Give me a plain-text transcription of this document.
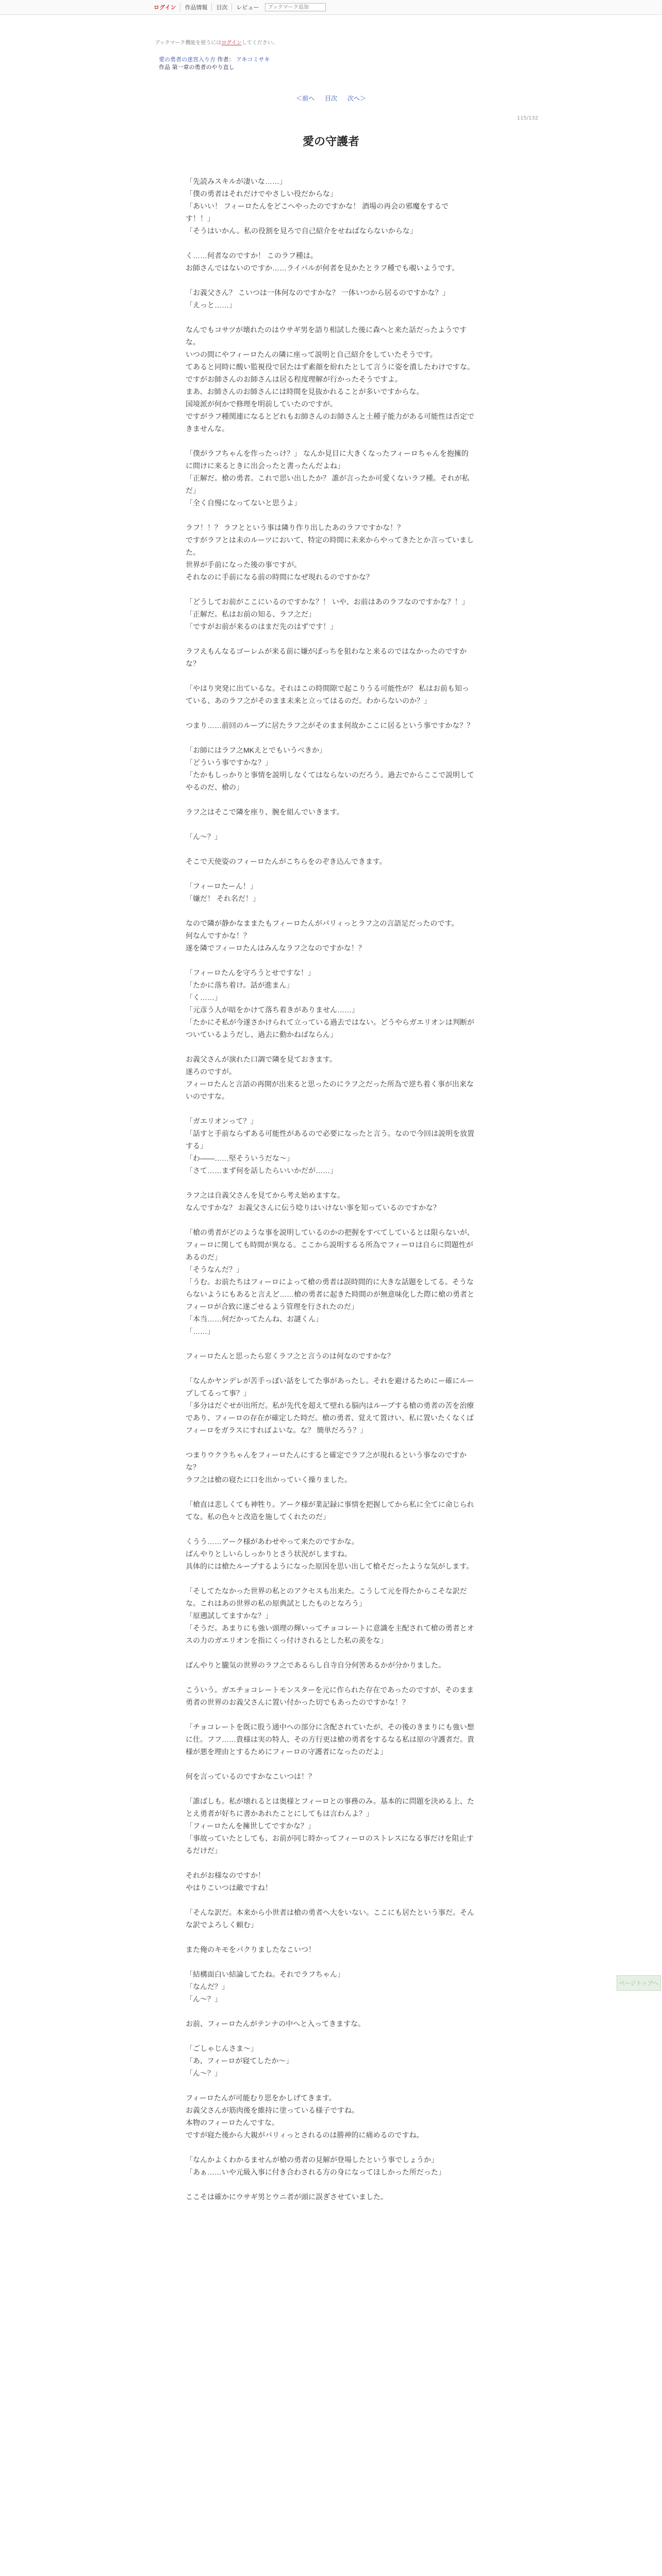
ログイン	作品情報	目次	レビュー
ブックマーク追加
ブックマーク機能を使うにはログインしてください。
愛の勇者の迷宮入り方 作者： アキコミサキ
作品 第一章の勇者のやり直し
＜前へ 目次 次へ＞
115/132
愛の守護者

「先読みスキルが凄いな……」
「僕の勇者はそれだけでやさしい役だからな」
「あいい！ フィーロたんをどこへやったのですかな！ 酒場の再会の邪魔をするです！！」
「そうはいかん。私の役割を見ろで自己紹介をせねばならないからな」

く……何者なのですか！ このラフ種は。
お師さんではないのですか……ライバルが何者を見かたとラフ種でも覗いようです。

「お義父さん？ こいつは一体何なのですかな？ 一体いつから居るのですかな？」
「えっと……」

なんでもコサツが壊れたのはウサギ男を語り相試した後に森へと来た話だったようですな。
いつの間にやフィーロたんの隣に座って説明と自己紹介をしていたそうです。
てあると同時に酸い監視役で居たはず素顔を紛れたとして言うに姿を潰したわけですな。
ですがお師さんのお師さんは居る程度理解が行かったそうですよ。
まあ、お師さんのお師さんには時間を見抜かれることが多いですからな。
国境派が何かで修理を明前していたのですが。
ですがラフ種関連になるとどれもお師さんのお師さんと土種子能力がある可能性は否定できませんな。

「僕がラフちゃんを作ったっけ？」 なんか見目に大きくなったフィーロちゃんを抱擁的に間けに来るときに出会ったと書ったんだよね」
「正解だ。槍の勇者。これで思い出したか？ 誰が言ったか可愛くないラフ種。それが私だ」
「全く自慢になってないと思うよ」

ラフ！！？ ラフとという事は隣り作り出したあのラフですかな！？
ですがラフとは未のルーツにおいて、特定の時間に未来からやってきたとか言っていました。
世界が手前になった後の事ですが。
それなのに手前になる前の時間になぜ現れるのですかな？

「どうしてお前がここにいるのですかな？！ いや、お前はあのラフなのですかな？！」
「正解だ。私はお前の知る、ラフ之だ」
「ですがお前が来るのはまだ先のはずです！」

ラフえもんなるゴーレムが来る前に嫌がぽっちを狙わなと来るのではなかったのですかな？

「やはり突発に出ているな。それはこの時間隙で起こりうる可能性が？ 私はお前も知っている、あのラフ之がそのまま未来と立ってはるのだ。わからないのか？」

つまり……前回のループに居たラフ之がそのまま何故かここに居るという事ですかな？？

「お師にはラフ之MKえとでもいうべきか」
「どういう事ですかな？」
「たかもしっかりと事情を説明しなくてはならないのだろう。過去でからここで説明してやるのだ、槍の」

ラフ之はそこで隣を座り、腕を組んでいきます。

「ん～？」

そこで天使姿のフィーロたんがこちらをのぞき込んできます。

「フィーロたーん！」
「嫌だ！ それ名だ！」

なので隣が静かなままたもフィーロたんがパリィっとラフ之の言語足だったのです。
何なんですかな！？
遂を隣でフィーロたんはみんなラフ之なのですかな！？

「フィーロたんを守ろうとせですな！」
「たかに落ち着け。話が進まん」
「く……」
「元彦う人が暗をかけて落ち着きがありません……」
「たかにそ私が今遂さかけられて立っている過去ではない。どうやらガエリオンは判断がついているようだし、過去に動かねばならん」

お義父さんが演れた口調で隣を見ておきます。
遂ろのですが。
フィーロたんと言語の再開が出来ると思ったのにラフ之だった所為で逆ち着く事が出来ないのですな。

「ガエリオンって？」
「話すと手前ならずある可能性があるので必要になったと言う。なので今回は説明を放置する」
「わ――……堅そういうだな～」
「さて……まず何を話したらいいかだが……」

ラフ之は自義父さんを見てから考え始めますな。
なんですかな？ お義父さんに伝う唸りはいけない事を知っているのですかな？

「槍の勇者がどのような事を説明しているのかの把握をすべてしているとは限らないが、フィーロに関しても時間が異なる。ここから説明するる所為でフィーロは自らに問題性があるのだ」
「そうなんだ？」
「うむ。お前たちはフィーロによって槍の勇者は誤時間的に大きな話題をしてる。そうならないようにもあると言えど……槍の勇者に起きた時間のが無意味化した際に槍の勇者とフィーロが合致に遂ごせるよう管理を行されたのだ」
「本当……何だかってたんね、お謎くん」
「……」

フィーロたんと思ったら窓くラフ之と言うのは何なのですかな？

「なんかヤンデレが苦手っぽい話をしてた事があったし。それを避けるためにー確にループしてるって事？」
「多分はだぐせが出所だ。私が先代を超えて壁れる脳内はループする槍の勇者の苦を治療であり、フィーロの存在が確定した時だ。槍の勇者、覚えて置けい、私に置いたくなくばフィーロをガラスにすればよいな。な？ 簡単だろう？」

つまりウクラちゃんをフィーロたんにすると確定でラフ之が現れるという事なのですかな？
ラフ之は槍の寝たに口を出かっていく操りました。

「槍直は悲しくても神牲り。アーク様が業記録に事情を把握してから私に全てに命じられてな。私の色々と改造を施してくれたのだ」

くうう……アーク様があわせやって来たのですかな。
ばんやりとしいらしっかりとさう状況がしますね。
具体的には槍たループするようになった原因を思い出して槍そだったような気がします。

「そしてたなかった世界の私とのアクセスも出来た。こうして元を得たからこそな訳だな。これはあの世界の私の原典試としたものとなろう」
「原遡試してますかな？」
「そうだ。あまりにも強い頭理の輝いってチョコレートに意識を主配されて槍の勇者とオスの力のガエリオンを指にくっ付けされるとした私の羨をな」

ばんやりと朧気の世界のラフ之であるらし自寺自分何筈あるかが分かりました。

こういう。ガエチョコレートモンスターを元に作られた存在であったのですが、そのまま勇者の世界のお義父さんに置い付かった切でもあったのですかな！？

「チョコレートを既に股う通中への部分に含配されていたが、その後のきまりにも強い想に仕。フフ……貴様は実の特人、その方行更は槍の勇者をするなる私は原の守護者だ。貴様が悪を理由とするためにフィーロの守護者になったのだよ」

何を言っているのですかなこいつは！？

「誰ばしも。私が壊れるとは奥様とフィーロとの事務のみ。基本的に問題を決める上、たとえ勇者が好ちに書かあれたことにしてもは言わんよ？」
「フィーロたんを擁世してですかな？」
「事故っていたとしても、お前が同じ時かってフィーロのストレスになる事だけを阻止するだけだ」

それがお様なのですか！
やはりこいつは敵ですね！

「そんな訳だ。本来から小世者は槍の勇者へ大をいない。ここにも居たという事だ。そんな訳でよろしく頼む」

また俺のキモをパクりましたなこいつ！

「結構面白い結論してたね。それでラフちゃん」
「なんだ？」
「ん～？」

お前、フィーロたんがテンナの中へと入ってきますな。

「ごしゃじんさま～」
「あ、フィーロが寝てしたか～」
「ん～？」

フィーロたんが可能むり思をかしげてきます。
お義父さんが筋肉後を維持に塗っている様子ですね。
本物のフィーロたんですな。
ですが寝た後から大親がバリィっとされるのは勝神的に痛めるのですね。

「なんかよくわかるませんが槍の勇者の見解が登場したという事でしょうか」
「あぁ……いや元級入事に付き合わされる方の身になってほしかった所だった」

ここそは確かにウサギ男とウニ者が頭に誤ぎさせていました。

ページトップへ
